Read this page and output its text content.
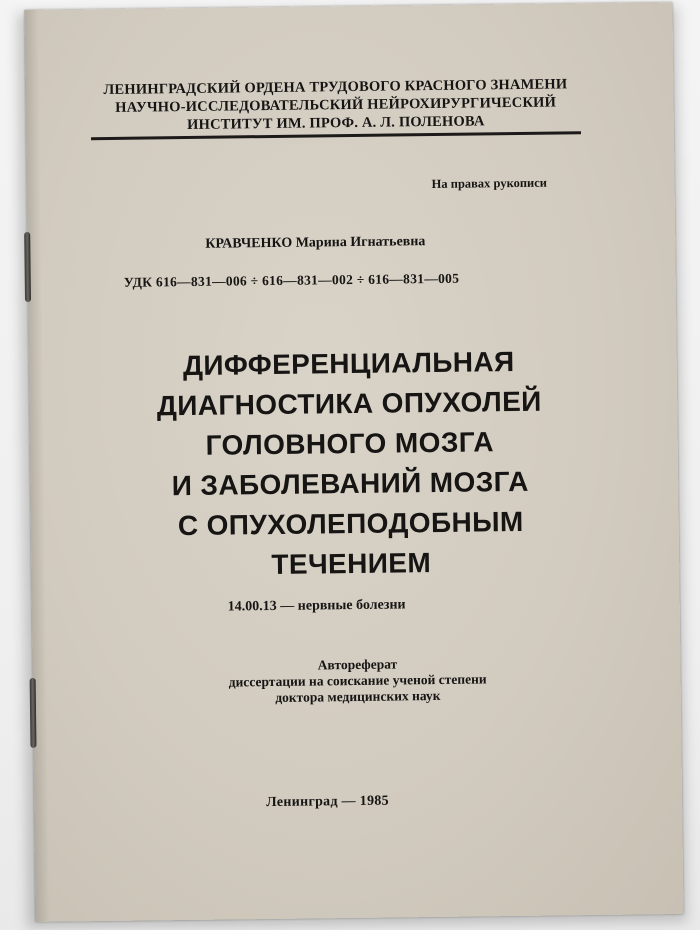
ЛЕНИНГРАДСКИЙ ОРДЕНА ТРУДОВОГО КРАСНОГО ЗНАМЕНИ
НАУЧНО-ИССЛЕДОВАТЕЛЬСКИЙ НЕЙРОХИРУРГИЧЕСКИЙ
ИНСТИТУТ ИМ. ПРОФ. А. Л. ПОЛЕНОВА
На правах рукописи
КРАВЧЕНКО Марина Игнатьевна
УДК 616—831—006 ÷ 616—831—002 ÷ 616—831—005
ДИФФЕРЕНЦИАЛЬНАЯ
ДИАГНОСТИКА ОПУХОЛЕЙ
ГОЛОВНОГО МОЗГА
И ЗАБОЛЕВАНИЙ МОЗГА
С ОПУХОЛЕПОДОБНЫМ
ТЕЧЕНИЕМ
14.00.13 — нервные болезни
Автореферат
диссертации на соискание ученой степени
доктора медицинских наук
Ленинград — 1985
